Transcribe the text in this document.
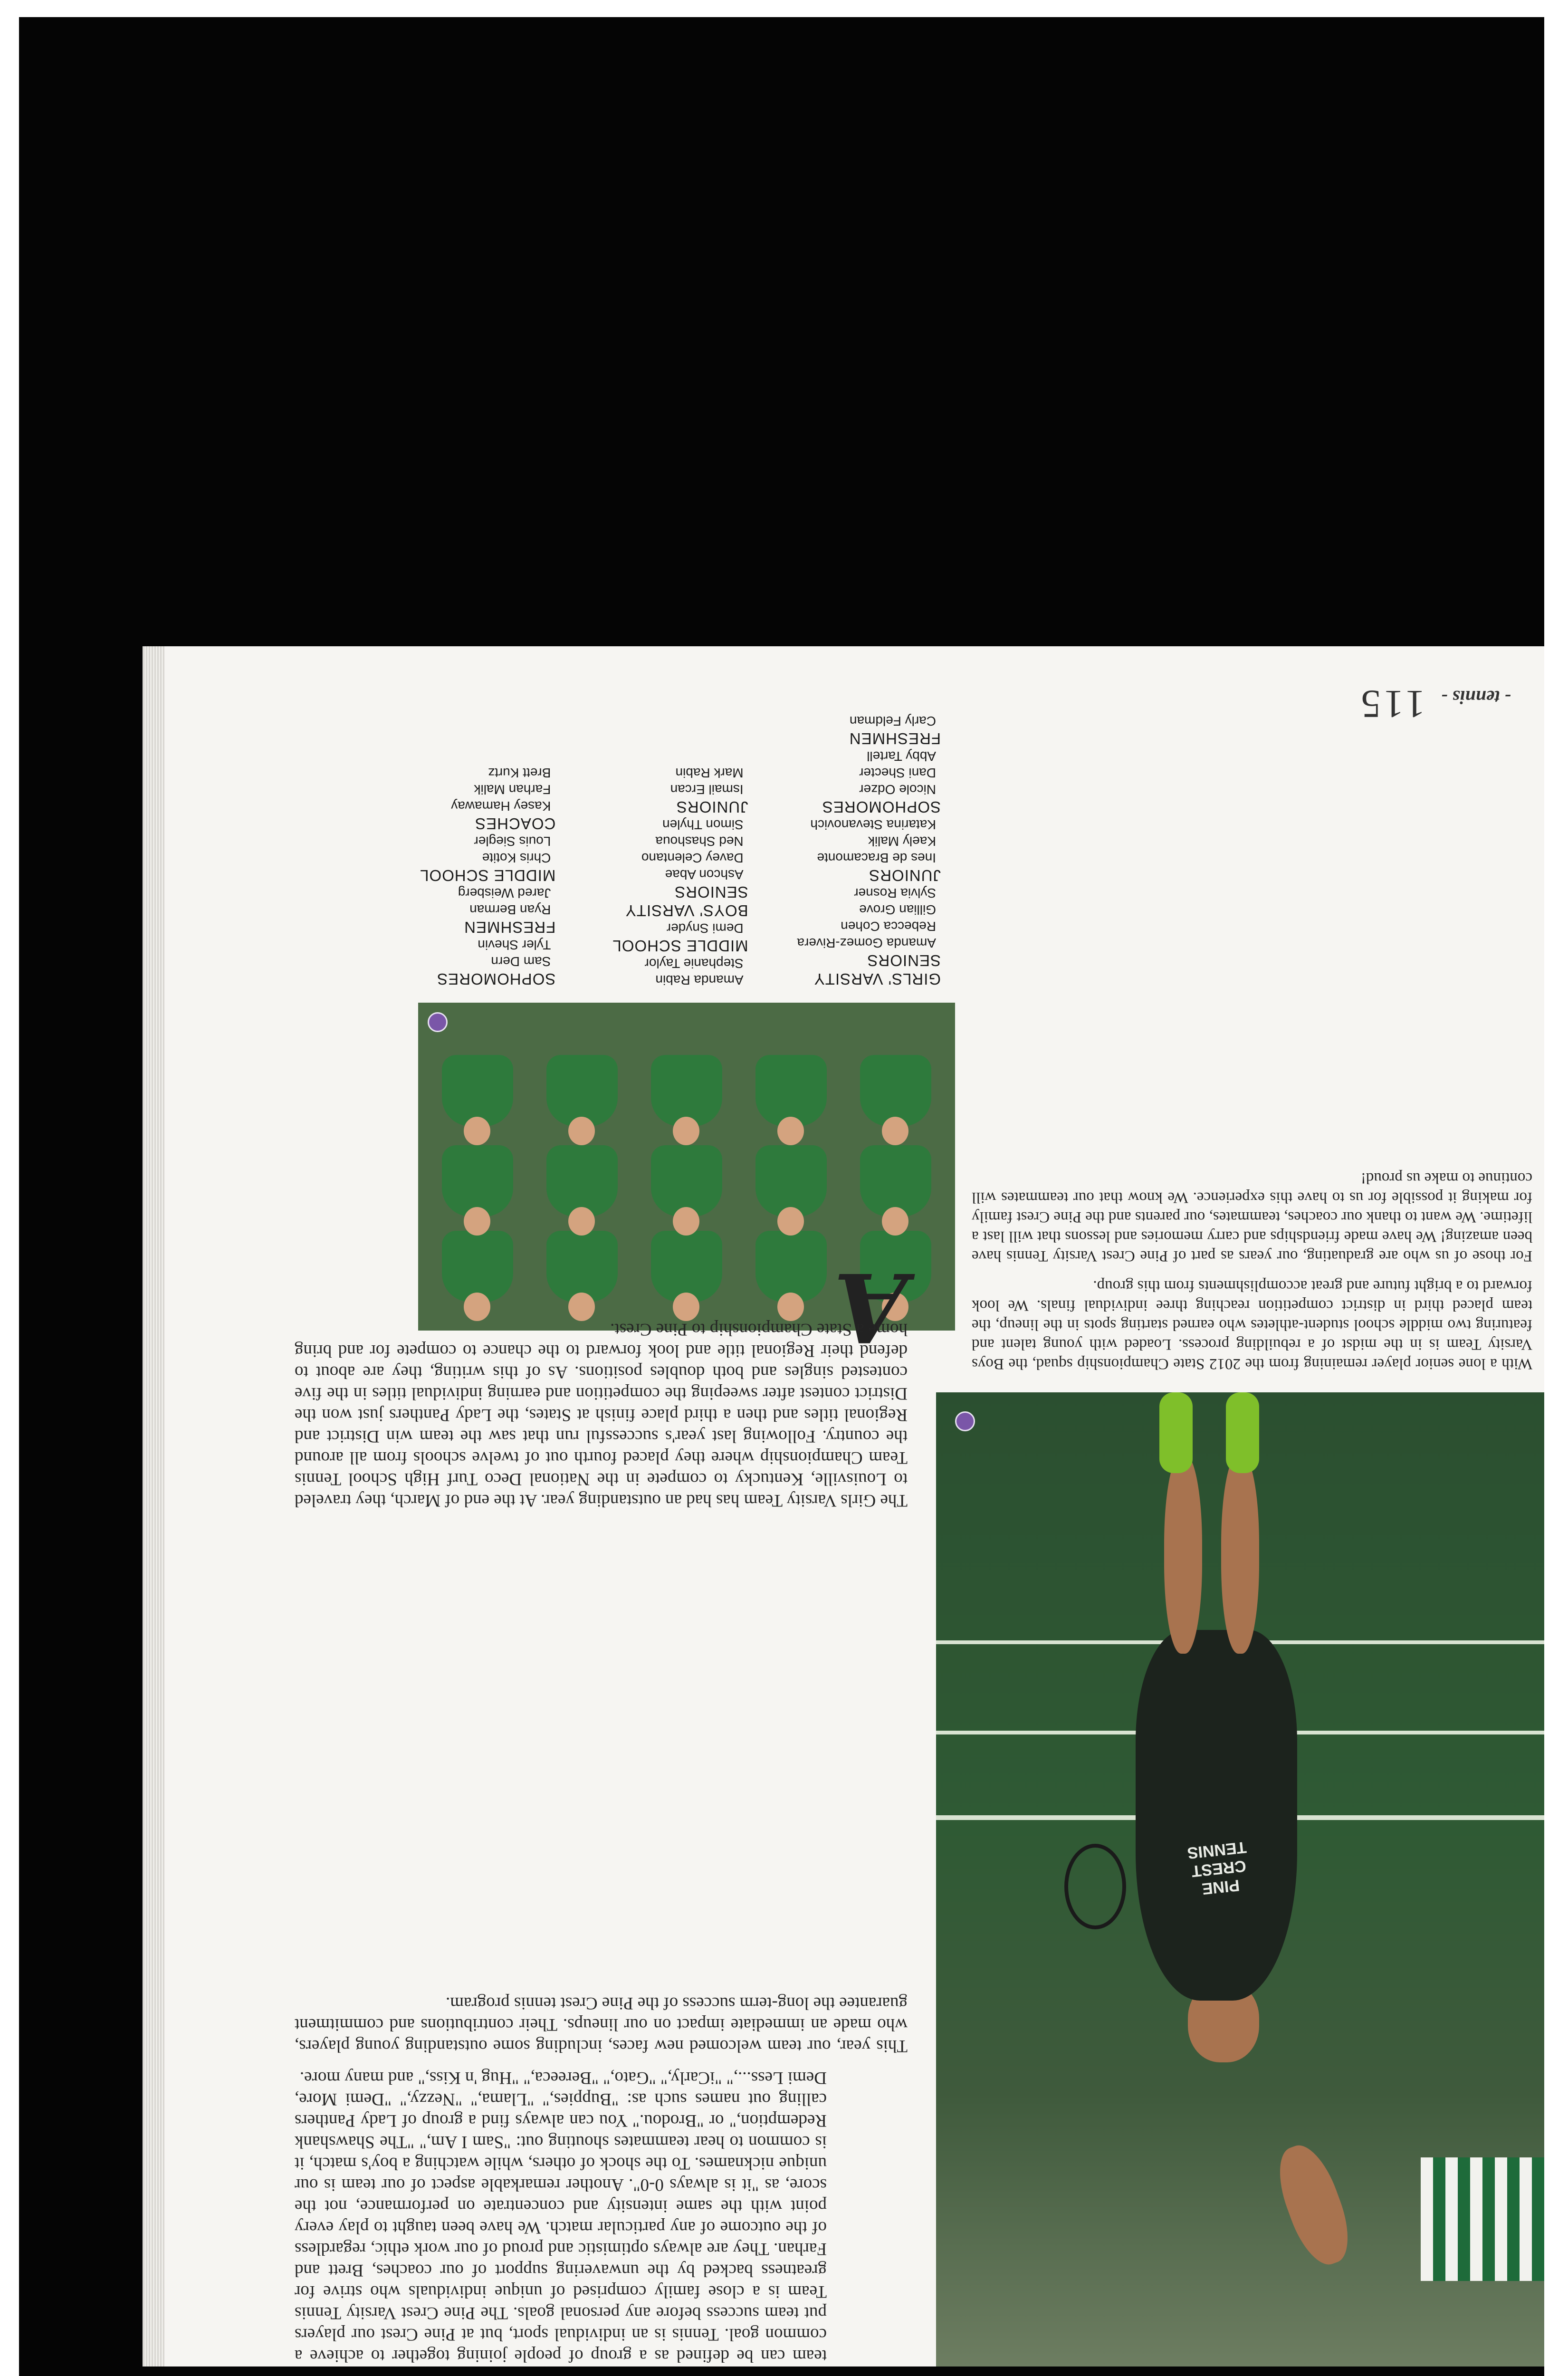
PINE CREST TENNIS
GIRLS' VARSITY
SENIORS
Amanda Gomez-Rivera
Rebecca Cohen
Gillian Grove
Sylvia Rosner
JUNIORS
Ines de Bracamonte
Kaely Malik
Katarina Stevanovich
SOPHOMORES
Nicole Odzer
Dani Shecter
Abby Tartell
FRESHMEN
Carly Feldman
Amanda Rabin
Stephanie Taylor
MIDDLE SCHOOL
Demi Snyder
BOYS' VARSITY
SENIORS
Ashcon Abae
Davey Celentano
Ned Shashoua
Simon Thylen
JUNIORS
Ismail Ercan
Mark Rabin
SOPHOMORES
Sam Dern
Tyler Shevin
FRESHMEN
Ryan Berman
Jared Weisberg
MIDDLE SCHOOL
Chris Kotite
Louis Siegler
COACHES
Kasey Hamaway
Farhan Malik
Brett Kurtz
A

team can be defined as a group of people joining together to achieve a common goal. Tennis is an individual sport, but at Pine Crest our players put team success before any personal goals. The Pine Crest Varsity Tennis Team is a close family comprised of unique individuals who strive for greatness backed by the unwavering support of our coaches, Brett and Farhan. They are always optimistic and proud of our work ethic, regardless of the outcome of any particular match. We have been taught to play every point with the same intensity and concentrate on performance, not the score, as "it is always 0-0". Another remarkable aspect of our team is our unique nicknames. To the shock of others, while watching a boy's match, it is common to hear teammates shouting out: "Sam I Am," "The Shawshank Redemption," or "Brodou." You can always find a group of Lady Panthers calling out names such as: "Buppies," "Llama," "Nezzy," "Demi More, Demi Less...," "iCarly," "Gato," "Bereeca," "Hug 'n Kiss," and many more.

This year, our team welcomed new faces, including some outstanding young players, who made an immediate impact on our lineups. Their contributions and commitment guarantee the long-term success of the Pine Crest tennis program.

The Girls Varsity Team has had an outstanding year. At the end of March, they traveled to Louisville, Kentucky to compete in the National Deco Turf High School Tennis Team Championship where they placed fourth out of twelve schools from all around the country. Following last year's successful run that saw the team win District and Regional titles and then a third place finish at States, the Lady Panthers just won the District contest after sweeping the competition and earning individual titles in the five contested singles and both doubles positions. As of this writing, they are about to defend their Regional title and look forward to the chance to compete for and bring home a State Championship to Pine Crest.

With a lone senior player remaining from the 2012 State Championship squad, the Boys Varsity Team is in the midst of a rebuilding process. Loaded with young talent and featuring two middle school student-athletes who earned starting spots in the lineup, the team placed third in district competition reaching three individual finals. We look forward to a bright future and great accomplishments from this group.

For those of us who are graduating, our years as part of Pine Crest Varsity Tennis have been amazing! We have made friendships and carry memories and lessons that will last a lifetime. We want to thank our coaches, teammates, our parents and the Pine Crest family for making it possible for us to have this experience. We know that our teammates will continue to make us proud!

- tennis - 115
